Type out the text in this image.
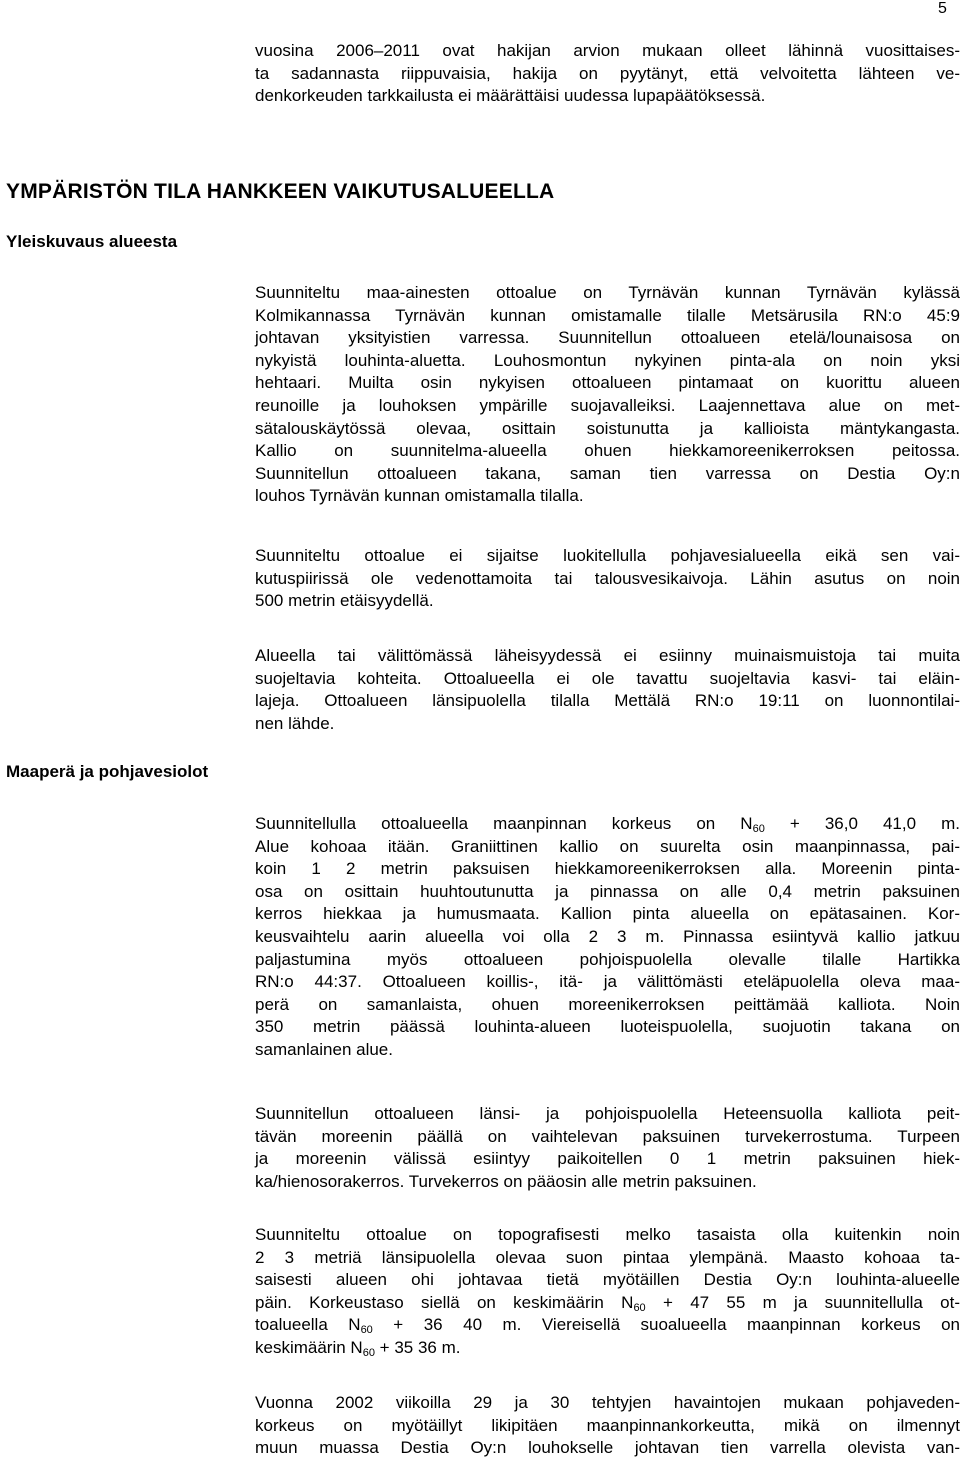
5
vuosina 2006–2011 ovat hakijan arvion mukaan olleet lähinnä vuosittaises-
ta sadannasta riippuvaisia, hakija on pyytänyt, että velvoitetta lähteen ve-
denkorkeuden tarkkailusta ei määrättäisi uudessa lupapäätöksessä.
YMPÄRISTÖN TILA HANKKEEN VAIKUTUSALUEELLA
Yleiskuvaus alueesta
Suunniteltu maa-ainesten ottoalue on Tyrnävän kunnan Tyrnävän kylässä
Kolmikannassa Tyrnävän kunnan omistamalle tilalle Metsärusila RN:o 45:9
johtavan yksityistien varressa. Suunnitellun ottoalueen etelä/lounaisosa on
nykyistä louhinta-aluetta. Louhosmontun nykyinen pinta-ala on noin yksi
hehtaari. Muilta osin nykyisen ottoalueen pintamaat on kuorittu alueen
reunoille ja louhoksen ympärille suojavalleiksi. Laajennettava alue on met-
sätalouskäytössä olevaa, osittain soistunutta ja kallioista mäntykangasta.
Kallio on suunnitelma-alueella ohuen hiekkamoreenikerroksen peitossa.
Suunnitellun ottoalueen takana, saman tien varressa on Destia Oy:n
louhos Tyrnävän kunnan omistamalla tilalla.
Suunniteltu ottoalue ei sijaitse luokitellulla pohjavesialueella eikä sen vai-
kutuspiirissä ole vedenottamoita tai talousvesikaivoja. Lähin asutus on noin
500 metrin etäisyydellä.
Alueella tai välittömässä läheisyydessä ei esiinny muinaismuistoja tai muita
suojeltavia kohteita. Ottoalueella ei ole tavattu suojeltavia kasvi- tai eläin-
lajeja. Ottoalueen länsipuolella tilalla Mettälä RN:o 19:11 on luonnontilai-
nen lähde.
Maaperä ja pohjavesiolot
Suunnitellulla ottoalueella maanpinnan korkeus on $N_{60} + 36,0$ 41,0 m.
Alue kohoaa itään. Graniittinen kallio on suurelta osin maanpinnassa, pai-
koin 1 2 metrin paksuisen hiekkamoreenikerroksen alla. Moreenin pinta-
osa on osittain huuhtoutunutta ja pinnassa on alle 0,4 metrin paksuinen
kerros hiekkaa ja humusmaata. Kallion pinta alueella on epätasainen. Kor-
keusvaihtelu aarin alueella voi olla 2 3 m. Pinnassa esiintyvä kallio jatkuu
paljastumina myös ottoalueen pohjoispuolella olevalle tilalle Hartikka
RN:o 44:37. Ottoalueen koillis-, itä- ja välittömästi eteläpuolella oleva maa-
perä on samanlaista, ohuen moreenikerroksen peittämää kalliota. Noin
350 metrin päässä louhinta-alueen luoteispuolella, suojuotin takana on
samanlainen alue.
Suunnitellun ottoalueen länsi- ja pohjoispuolella Heteensuolla kalliota peit-
tävän moreenin päällä on vaihtelevan paksuinen turvekerrostuma. Turpeen
ja moreenin välissä esiintyy paikoitellen 0 1 metrin paksuinen hiek-
ka/hienosorakerros. Turvekerros on pääosin alle metrin paksuinen.
Suunniteltu ottoalue on topografisesti melko tasaista olla kuitenkin noin
2 3 metriä länsipuolella olevaa suon pintaa ylempänä. Maasto kohoaa ta-
saisesti alueen ohi johtavaa tietä myötäillen Destia Oy:n louhinta-alueelle
päin. Korkeustaso siellä on keskimäärin $N_{60} + 47$ 55 m ja suunnitellulla ot-
toalueella $N_{60} + 36$ 40 m. Viereisellä suoalueella maanpinnan korkeus on
keskimäärin $N_{60} + 35$ 36 m.
Vuonna 2002 viikoilla 29 ja 30 tehtyjen havaintojen mukaan pohjaveden-
korkeus on myötäillyt likipitäen maanpinnankorkeutta, mikä on ilmennyt
muun muassa Destia Oy:n louhokselle johtavan tien varrella olevista van-
